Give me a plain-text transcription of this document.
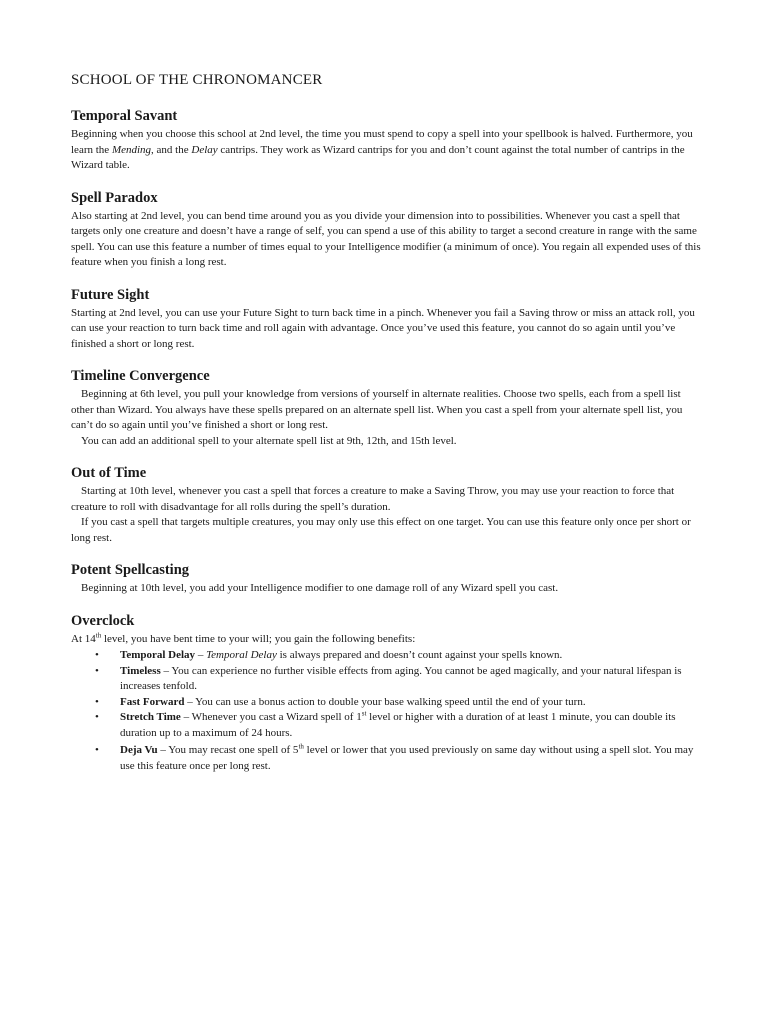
SCHOOL OF THE CHRONOMANCER
Temporal Savant

Beginning when you choose this school at 2nd level, the time you must spend to copy a spell into your spellbook is halved. Furthermore, you learn the Mending, and the Delay cantrips. They work as Wizard cantrips for you and don’t count against the total number of cantrips in the Wizard table.

Spell Paradox

Also starting at 2nd level, you can bend time around you as you divide your dimension into to possibilities. Whenever you cast a spell that targets only one creature and doesn’t have a range of self, you can spend a use of this ability to target a second creature in range with the same spell. You can use this feature a number of times equal to your Intelligence modifier (a minimum of once). You regain all expended uses of this feature when you finish a long rest.

Future Sight

Starting at 2nd level, you can use your Future Sight to turn back time in a pinch. Whenever you fail a Saving throw or miss an attack roll, you can use your reaction to turn back time and roll again with advantage. Once you’ve used this feature, you cannot do so again until you’ve finished a short or long rest.

Timeline Convergence

Beginning at 6th level, you pull your knowledge from versions of yourself in alternate realities. Choose two spells, each from a spell list other than Wizard. You always have these spells prepared on an alternate spell list. When you cast a spell from your alternate spell list, you can’t do so again until you’ve finished a short or long rest.

You can add an additional spell to your alternate spell list at 9th, 12th, and 15th level.

Out of Time

Starting at 10th level, whenever you cast a spell that forces a creature to make a Saving Throw, you may use your reaction to force that creature to roll with disadvantage for all rolls during the spell’s duration.

If you cast a spell that targets multiple creatures, you may only use this effect on one target. You can use this feature only once per short or long rest.

Potent Spellcasting

Beginning at 10th level, you add your Intelligence modifier to one damage roll of any Wizard spell you cast.

Overclock

At 14th level, you have bent time to your will; you gain the following benefits:

• Temporal Delay – Temporal Delay is always prepared and doesn’t count against your spells known.
• Timeless – You can experience no further visible effects from aging. You cannot be aged magically, and your natural lifespan is increases tenfold.
• Fast Forward – You can use a bonus action to double your base walking speed until the end of your turn.
• Stretch Time – Whenever you cast a Wizard spell of 1st level or higher with a duration of at least 1 minute, you can double its duration up to a maximum of 24 hours.
• Deja Vu – You may recast one spell of 5th level or lower that you used previously on same day without using a spell slot. You may use this feature once per long rest.
